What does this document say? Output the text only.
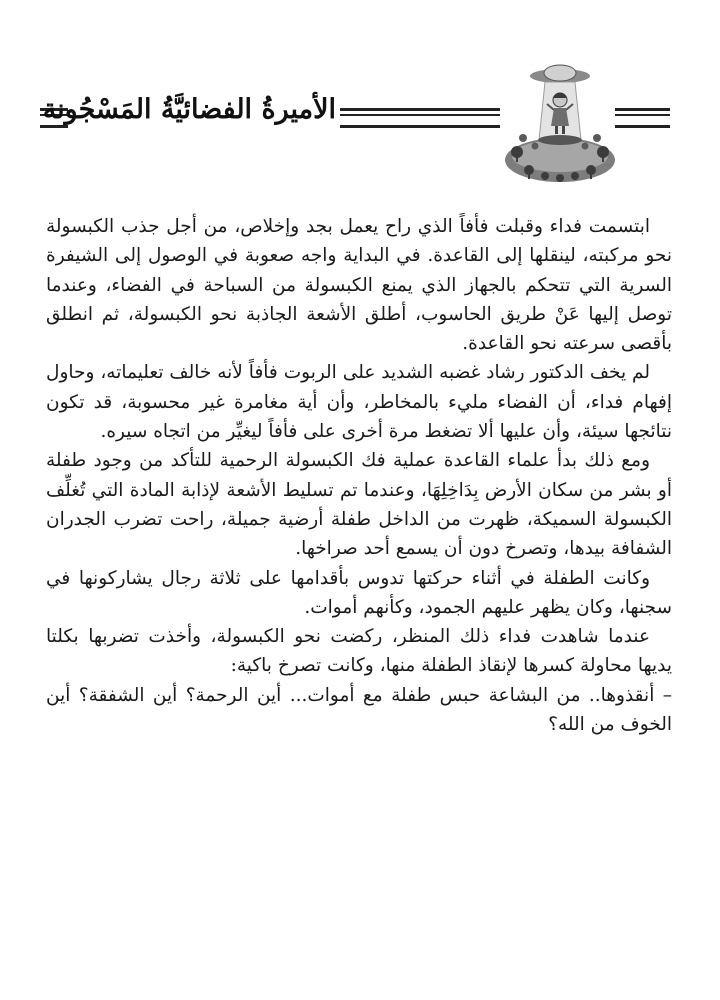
الأميرةُ الفضائيَّةُ المَسْجُونة

ابتسمت فداء وقبلت فأفاً الذي راح يعمل بجد وإخلاص، من أجل جذب الكبسولة نحو مركبته، لينقلها إلى القاعدة. في البداية واجه صعوبة في الوصول إلى الشيفرة السرية التي تتحكم بالجهاز الذي يمنع الكبسولة من السباحة في الفضاء، وعندما توصل إليها عَنْ طريق الحاسوب، أطلق الأشعة الجاذبة نحو الكبسولة، ثم انطلق بأقصى سرعته نحو القاعدة.

لم يخف الدكتور رشاد غضبه الشديد على الربوت فأفاً لأنه خالف تعليماته، وحاول إفهام فداء، أن الفضاء مليء بالمخاطر، وأن أية مغامرة غير محسوبة، قد تكون نتائجها سيئة، وأن عليها ألا تضغط مرة أخرى على فأفاً ليغيِّر من اتجاه سيره.

ومع ذلك بدأ علماء القاعدة عملية فك الكبسولة الرحمية للتأكد من وجود طفلة أو بشر من سكان الأرض بِدَاخِلِهَا، وعندما تم تسليط الأشعة لإذابة المادة التي تُغلِّف الكبسولة السميكة، ظهرت من الداخل طفلة أرضية جميلة، راحت تضرب الجدران الشفافة بيدها، وتصرخ دون أن يسمع أحد صراخها.

وكانت الطفلة في أثناء حركتها تدوس بأقدامها على ثلاثة رجال يشاركونها في سجنها، وكان يظهر عليهم الجمود، وكأنهم أموات.

عندما شاهدت فداء ذلك المنظر، ركضت نحو الكبسولة، وأخذت تضربها بكلتا يديها محاولة كسرها لإنقاذ الطفلة منها، وكانت تصرخ باكية:

– أنقذوها.. من البشاعة حبس طفلة مع أموات... أين الرحمة؟ أين الشفقة؟ أين الخوف من الله؟
